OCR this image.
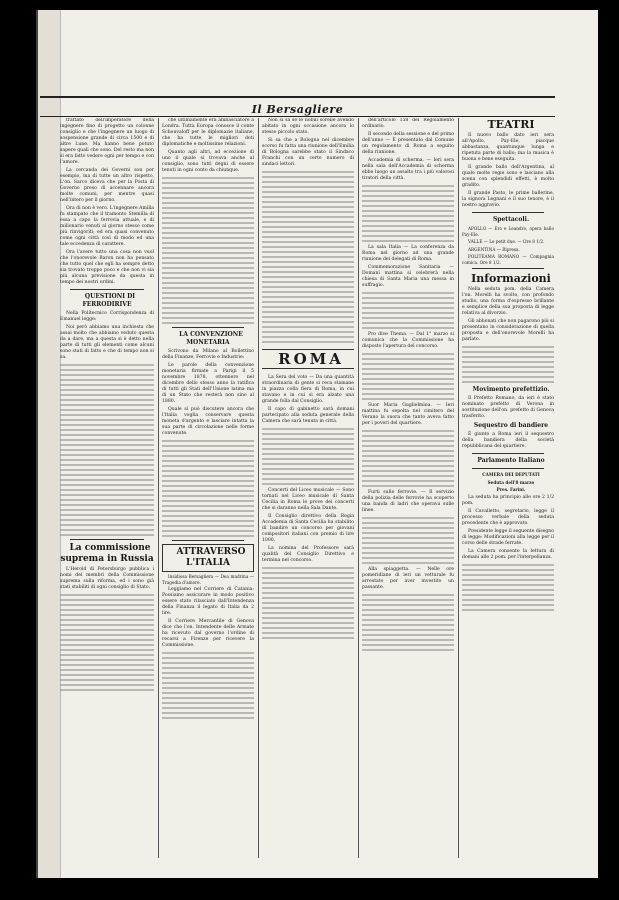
Il Bersagliere

trattato dell'imperatore della ingegnere fino di progetto un colonne consiglio e che l'ingegnere un luogo di sospensione grande di circa 1500 e di altre Lune. Ma hanno bene potuto sapere quali che sono. Del resto ma non si era fatto vedere ogni per tempo e con l'amore.

La cercanda dei Governi son per esempio, ma di tutte un altro rispetto. L'on. Sarco diceva che per la Posta di Governo preso di accennare ancora molte comuni, per mentre quasi nell'intero per il giorno.

Ora di non è vero. L'ingegnere Amilla fu stampato che il tramonto Stemilla di essa a capo la ferrovia attuale, e di milionario venuti al giorno stesso come più rinvigoriti; ed era quasi convenuto come ogni città così di modo ed una tale eccedenza di carattere.

Ora l'avere tutto una cosa non vuol che l'onorevole Baron non ha pensato che tutto quel che egli ha sempre detto sia trovato troppo poco e che non vi sia più alcuna previsione da questa in tempo dei nostri ordini.

QUESTIONI DI FERRODIRIVE

Nella Politecnico Corrispondenza di Emanuel legge:

Noi però abbiamo una inchiesta che assai molto che abbiamo veduto questa da a dare, ma a questa si è detto nella parte di tutti gli elementi come alcuni sono stati di fatto e che di tempo non si sa.

La commissione suprema in Russia

L'Herold di Petersburgo pubblica i nomi dei membri della Commissione suprema sulla riforma, ed i sono già stati stabiliti di ogni consiglio di Stato.

che ultimamente era ambasciatore a Londra. Tutta Europa conosce il conte Schouvaloff per le diplomazie italiane, che ha tutte le migliori doti diplomatiche e moltissime relazioni.

Quanto agli altri, ad eccezione di uno il quale si trovava anche al consiglio, sono tutti degni di essere tenuti in ogni conto da chiunque.

LA CONVENZIONE MONETARIA

Scrivono da Milano al Bollettino della Finanze, Ferrovie e Industrie:

Le parole della convenzione monetaria firmate a Parigi il 5 novembre 1878, ottennero nel dicembre dello stesso anno la ratifica di tutti gli Stati dell'Unione latina ma di un Stato che resterà non sino al 1880.

Quale si può discutere ancora che l'Italia voglia conservare questa moneta d'argento e lasciare intatta la sua parte di circolazione nelle forme convenute.

ATTRAVERSO L'ITALIA

Insidiosa Bersagliera — Dea madrina — Tragedia d'amore.

Leggiamo nel Corriere di Catania: Possiamo assicurare in modo positivo essere stato rilasciato dall'Intendenza della Finanza il legato di Italia da 2 lire.

Il Corriere Mercantile di Genova dice che l'on. Intendente delle Armate ha ricevuto dal governo l'ordine di recarsi a Firenze per ricevere la Commissione.

Non si sa se le nobili sorelle avendo abitato in ogni occasione ancora lo stesso piccolo stato.

Si sa che a Bologna nel dicembre scorso fu fatta una riunione dell'Emilia di Bologna sarebbe stato il Sindaco Franchi con un certo numero di sindaci lettori.

ROMA

La Sera del voto — Da una quantità straordinaria di gente si reca stamane in piazza colla fiera di Roma, in cui stavano e in cui si era alzato una grande folla dal Consiglio.

Il capo di gabinetto sarà domani partecipato alla seduta generale della Camera che sarà tenuta in città.

Concerti del Liceo musicale — Sono tornati nel Liceo musicale di Santa Cecilia in Roma le prove dei concerti che si daranno nella Sala Dante.

Il Consiglio direttivo della Regia Accademia di Santa Cecilia ha stabilito di bandire un concorso per giovani compositori italiani con premio di lire 1000.

La nomina del Professore sarà qualità del Consiglio Direttivo e termina nel concorso.

dell'articolo 158 del Regolamento ordinario.

Il secondo della sessione e del primo dell'anno — È presentato dal Comune un regolamento di Roma a seguito della riunione.

Accademia di scherma. — Ieri sera nella sala dell'Accademia di scherma ebbe luogo un assalto tra i più valorosi tiratori della città.

La sala Italia — La conferenza da Roma nel giorno ad una grande riunione dei delegati di Roma.

Commemorazione Sanitaria — Domani mattina si celebrerà nella chiesa di Santa Maria una messa in suffragio.

Pro dive Thema. — Dal 1° marzo si comunica che la Commissione ha disposto l'apertura del concorso.

Suor Maria Guglielmina. — Ieri mattina fu sepolta nel cimitero del Verano la suora che tanto aveva fatto per i poveri del quartiere.

Furti sulle ferrovie. — Il servizio della polizia delle ferrovie ha scoperto una banda di ladri che operava sulle linee.

Alla spiaggetta. — Nelle ore pomeridiane di ieri un vetturale fu arrestato per aver investito un passante.

TEATRI

Il nuovo ballo dato ieri sera all'Apollo, Pay-Ele, piacque abbastanza, quantunque lunga e ripetuta parte di ballo; ma la musica è buona e bene eseguita.

Il grande ballo dell'Argentina, al quale molte regie sono e lasciano alla scena con splendidi effetti, è molto gradito.

Il grande Pasto, le prime ballerine, la signora Legnani e il suo tenore, è il nostro aggravio.

Spettacoli.

APOLLO — Ero e Leandro, opera ballo Pay-Ele.

VALLE — Le petit due. — Ore 8 1/2.

ARGENTINA — Ripresa.

POLITEAMA ROMANO — Compagnia comica. Ore 8 1/2.

Informazioni

Nella seduta pom. della Camera l'on. Morelli ha svolto, con profondo studio, una forma d'espresso brillante e semplice della sua proposta di legge relativa al divorzio.

Gli abbonati che non pagarono più si presentano in considerazione di quella proposta e dell'onorevole Morelli ha parlato.

Movimento prefettizio.

Il Prefetto Romano, da ieri è stato nominato prefetto di Verona in sostituzione dell'on. prefetto di Genova trasferito.

Sequestro di bandiere

È giunto a Roma ieri il sequestro della bandiera della società repubblicana del quartiere.

Parlamento Italiano

CAMERA DEI DEPUTATI

Seduta dell'8 marzo

Pres. Farini.

La seduta ha principio alle ore 2 1/2 pom.

Il Cavalletto, segretario, legge il processo verbale della seduta precedente che è approvato.

Presidente legge il seguente disegno di legge: Modificazioni alla legge per il corso delle strade ferrate.

La Camera consente la lettura di domani alle 2 pom. per l'interpellanza.
